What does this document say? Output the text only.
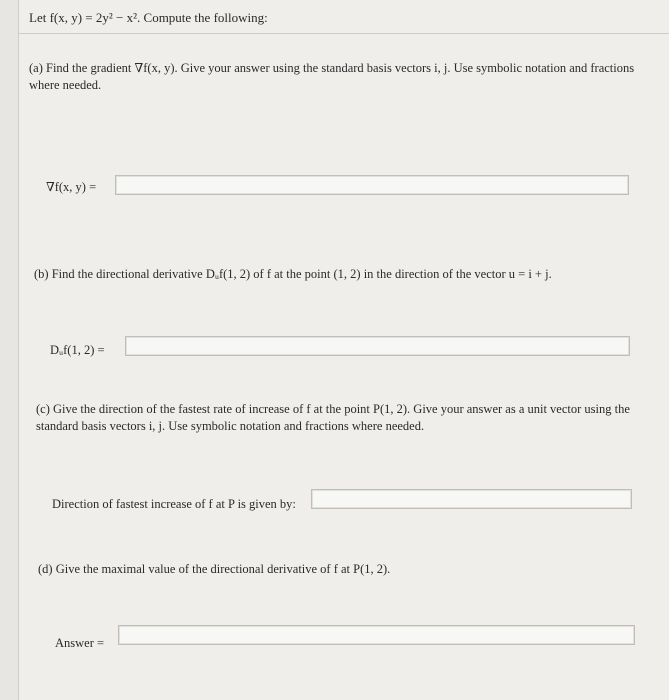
Let f(x, y) = 2y² − x². Compute the following:
(a) Find the gradient ∇f(x, y). Give your answer using the standard basis vectors i, j. Use symbolic notation and fractions where needed.
∇f(x, y) =
(b) Find the directional derivative Dᵤf(1, 2) of f at the point (1, 2) in the direction of the vector u = i + j.
Dᵤf(1, 2) =
(c) Give the direction of the fastest rate of increase of f at the point P(1, 2). Give your answer as a unit vector using the standard basis vectors i, j. Use symbolic notation and fractions where needed.
Direction of fastest increase of f at P is given by:
(d) Give the maximal value of the directional derivative of f at P(1, 2).
Answer =
